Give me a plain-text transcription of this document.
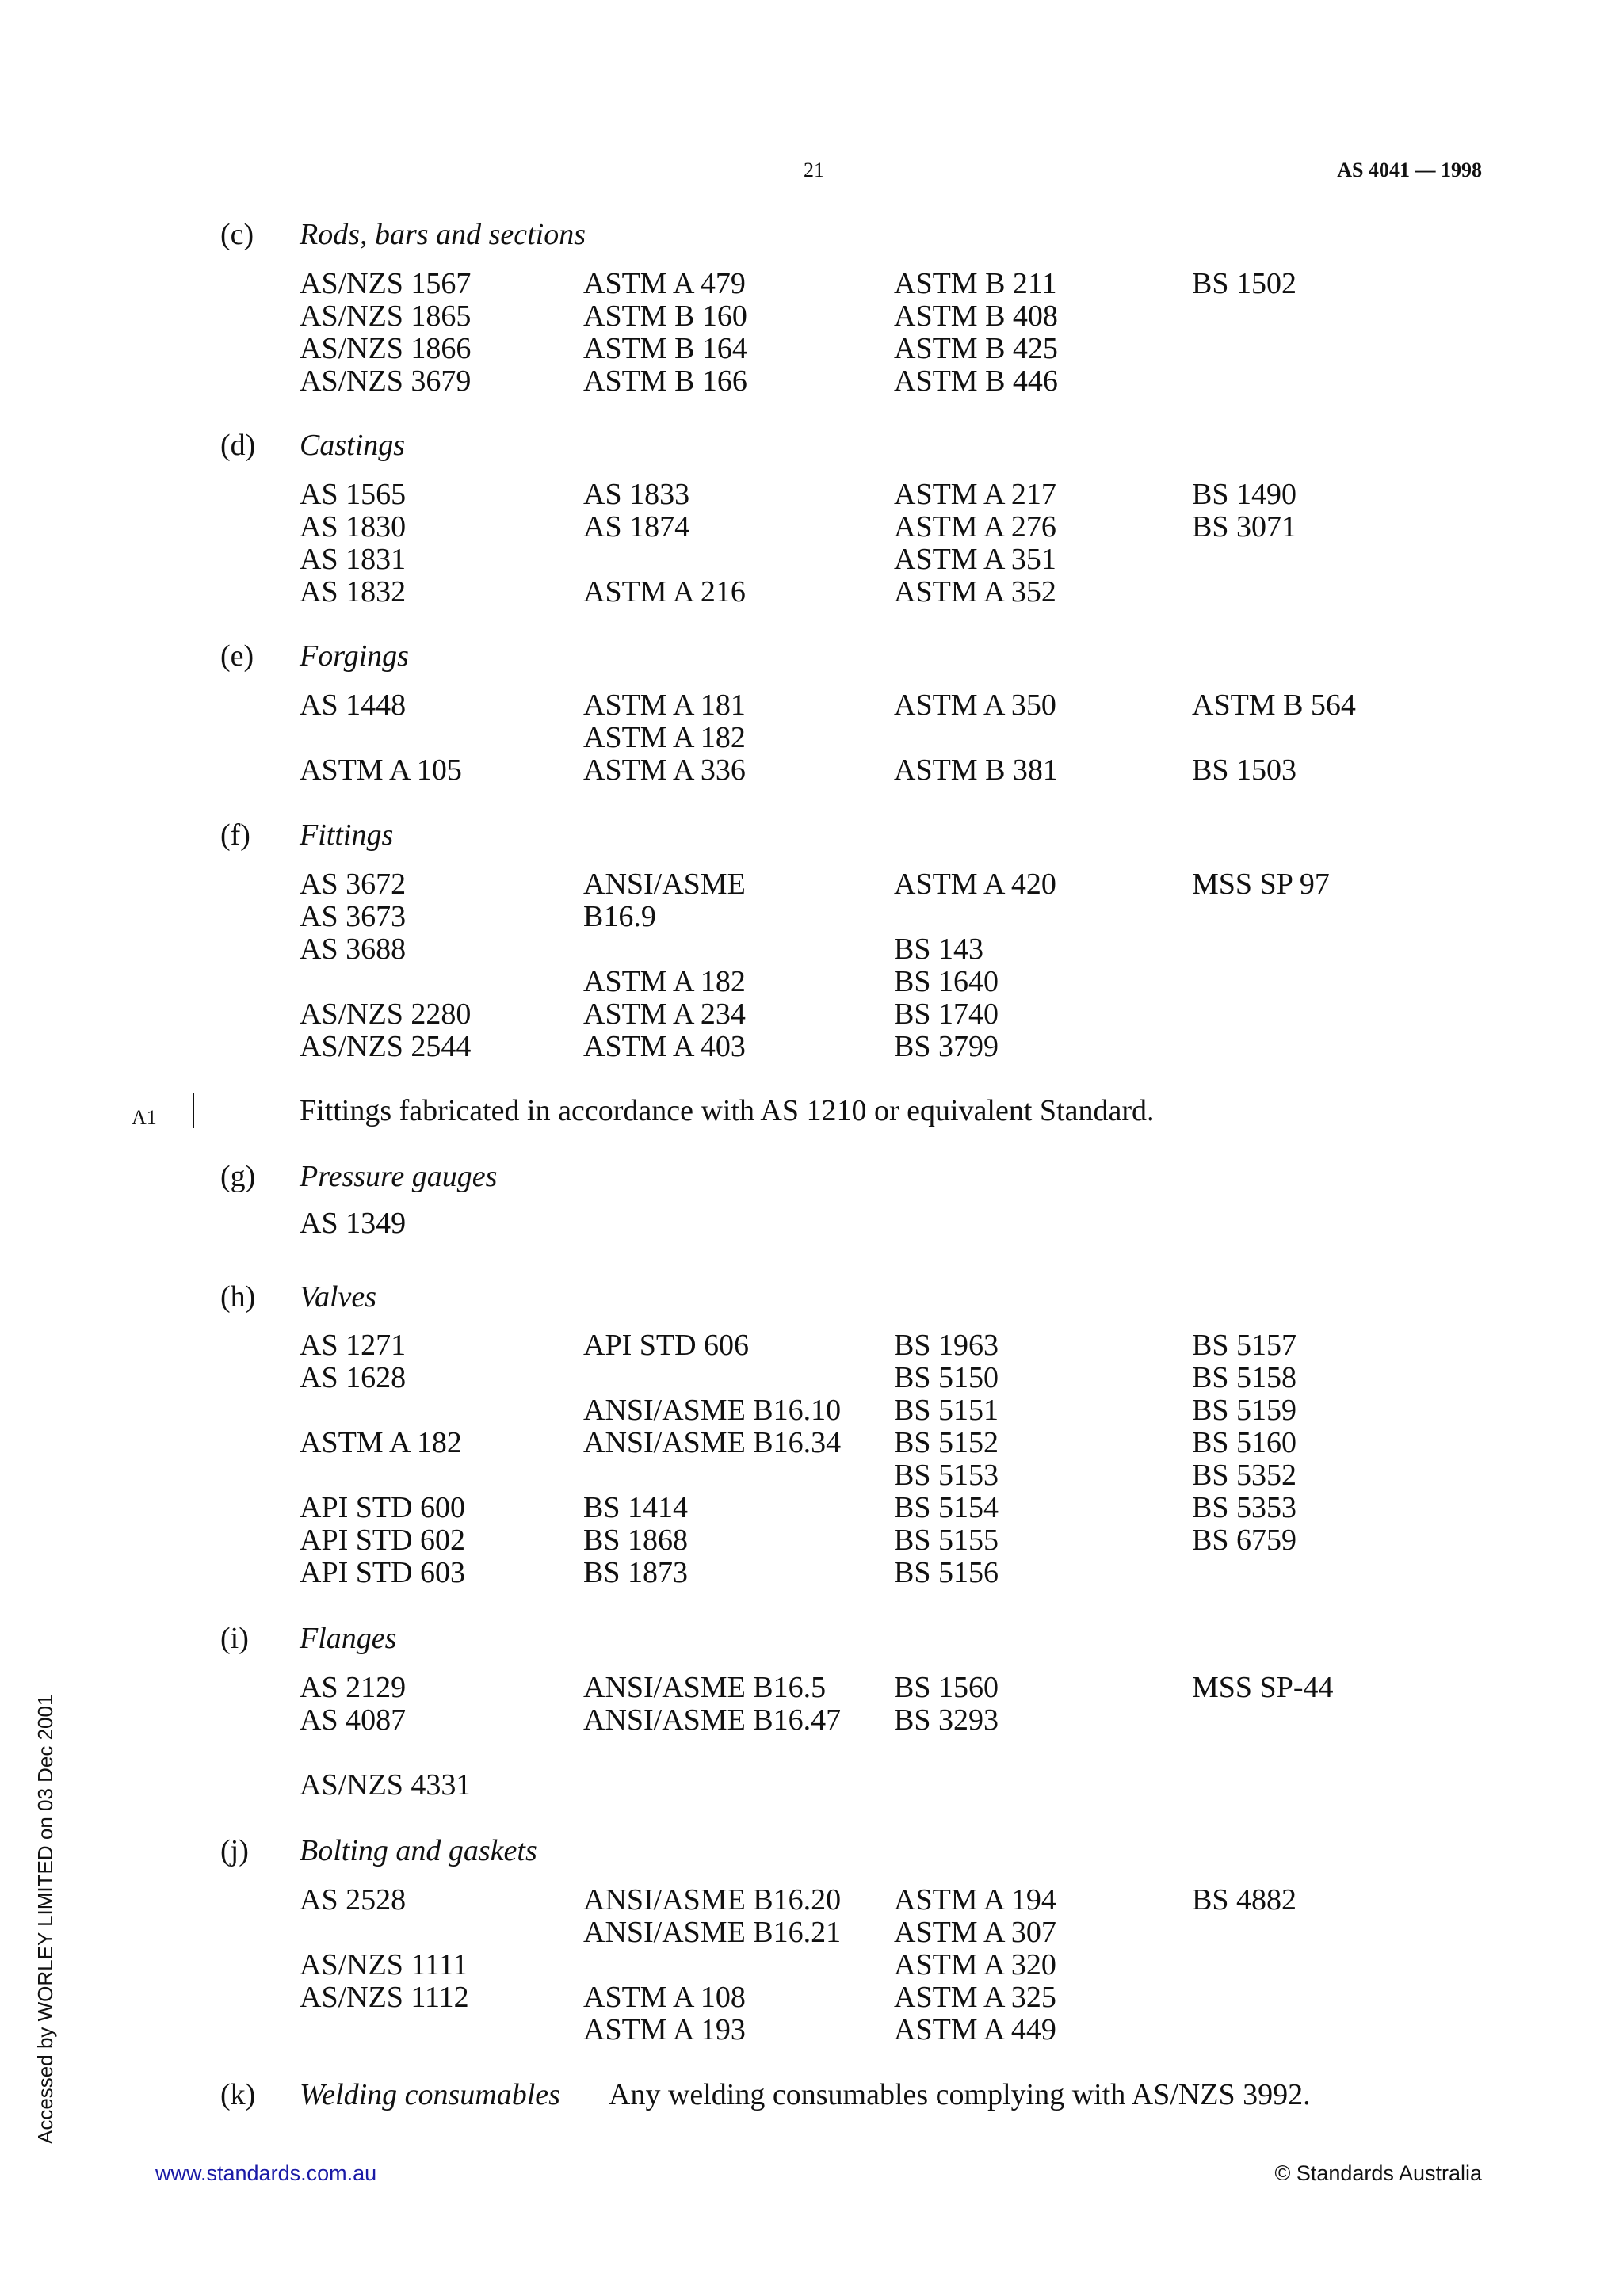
21	AS 4041 — 1998
(c) Rods, bars and sections
AS/NZS 1567	ASTM A 479	ASTM B 211	BS 1502
AS/NZS 1865	ASTM B 160	ASTM B 408	
AS/NZS 1866	ASTM B 164	ASTM B 425	
AS/NZS 3679	ASTM B 166	ASTM B 446	
(d) Castings
AS 1565	AS 1833	ASTM A 217	BS 1490
AS 1830	AS 1874	ASTM A 276	BS 3071
AS 1831		ASTM A 351	
AS 1832	ASTM A 216	ASTM A 352	
(e) Forgings
AS 1448	ASTM A 181	ASTM A 350	ASTM B 564
	ASTM A 182		
ASTM A 105	ASTM A 336	ASTM B 381	BS 1503
(f) Fittings
AS 3672	ANSI/ASME	ASTM A 420	MSS SP 97
AS 3673	B16.9		
AS 3688		BS 143	
	ASTM A 182	BS 1640	
AS/NZS 2280	ASTM A 234	BS 1740	
AS/NZS 2544	ASTM A 403	BS 3799	
A1	Fittings fabricated in accordance with AS 1210 or equivalent Standard.
(g) Pressure gauges
AS 1349			
(h) Valves
AS 1271	API STD 606	BS 1963	BS 5157
AS 1628		BS 5150	BS 5158
	ANSI/ASME B16.10	BS 5151	BS 5159
ASTM A 182	ANSI/ASME B16.34	BS 5152	BS 5160
		BS 5153	BS 5352
API STD 600	BS 1414	BS 5154	BS 5353
API STD 602	BS 1868	BS 5155	BS 6759
API STD 603	BS 1873	BS 5156	
(i) Flanges
AS 2129	ANSI/ASME B16.5	BS 1560	MSS SP-44
AS 4087	ANSI/ASME B16.47	BS 3293	

AS/NZS 4331			
(j) Bolting and gaskets
AS 2528	ANSI/ASME B16.20	ASTM A 194	BS 4882
	ANSI/ASME B16.21	ASTM A 307	
AS/NZS 1111		ASTM A 320	
AS/NZS 1112	ASTM A 108	ASTM A 325	
	ASTM A 193	ASTM A 449	
(k) Welding consumables Any welding consumables complying with AS/NZS 3992.
Accessed by WORLEY LIMITED on 03 Dec 2001
www.standards.com.au	© Standards Australia
